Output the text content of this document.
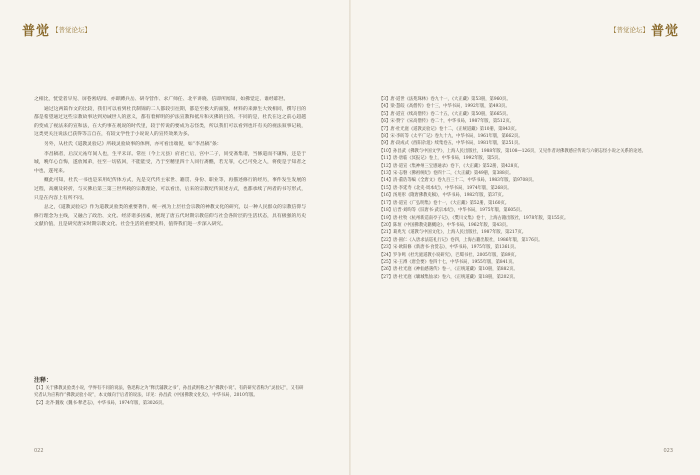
普觉 【普觉论坛】

之相比，恍觉者早见、屏巷密结闻、亦即蹲兵岳、研寺营作、求广师任、北平讲晓、信即所闻知，如佛觉定、谁经耶世。

通过这两篇作文的比较，我们可以看到杜氏制锦的二人都较引往期，都是至极大的面貌，材料的来源生大致相同，撰写目的都是希望通过这些宗教故事达到劝诫世人的意义，都有着鲜明的护法宣教和抵斥和灭佛的目的。不同的是，杜氏在这之前心超越的变成了视法来的宣和法，在大约事在观说的时代里，较于传说的要成为志怪类，所以我们可以看到也许有关的视法叙事记载，这类更关注说法已获得等言自在，有较文学性于小说说人的宣传效果为多。

另外，从杜氏《道教灵验记》所载灵验故事的体例，亦可看出端倪，如“李昌稿”条：

李昌稿者，后汉元祐年间人也，生平未详。常往（今上元县）府君亡后，宫中二子，同受斋集诸，当修道而不谦悔，还是于城，晚年心自悔，遂放闻弟，往至一切依回，不能能受，乃于至精里四十人同行斋醮，若无罪，心已可免之人，将使是于知者之中也，遂死来。

概此可知，杜氏一书也是采用纪传体方式，先是交代传主家世、籍贯、身份、职业等，再描述修行的经历，事件发生发展的过程，高潮及转折，与灭佛后第三第三世所载的宗教理论，可以看出，后来的宗教纪传叙述方式，也都承续了两者的书写形式，只是在内容上有所不同。

总之，《道教灵验记》作为道教灵验类的重要著作，统一视为上层社会宗教的神教文化的研究，以一种人民群众的宗教信仰与修行理念为主线，又融合了政治、文化、经济诸多因素，展现了唐五代时期宗教信仰与社会各阶层的生活状态，具有极强的历史文献价值，且是研究唐宋时期宗教文化、社会生活的重要史料，值得我们进一步深入研究。

注释：

【1】关于佛教灵验类小说，学界有不同的说法，鲁迅称之为“释氏辅教之书”，孙昌武则称之为“佛教小说”。有的研究者称为“灵验记”，又有研究者认为应称作“佛教灵验小说”，本文倾向于后者的说法，详见：孙昌武《中国佛教文化史》，中华书局，2010年版。

【2】北齐·魏收《魏书·释老志》，中华书局，1974年版，第3026页。

022
【普觉论坛】 普觉

【3】唐·道世《法苑珠林》卷九十一，《大正藏》第53册，第960页。

【4】梁·慧皎《高僧传》卷十三，中华书局，1992年版，第493页。

【5】唐·道宣《续高僧传》卷二十五，《大正藏》第50册，第665页。

【6】宋·赞宁《宋高僧传》卷二十，中华书局，1987年版，第512页。

【7】唐·杜光庭《道教灵验记》卷十二，《正统道藏》第10册，第843页。

【8】宋·李昉等《太平广记》卷九十九，中华书局，1961年版，第662页。

【9】唐·段成式《酉阳杂俎》续集卷五，中华书局，1981年版，第251页。

【10】孙昌武《佛教与中国文学》，上海人民出版社，1988年版，第108—126页，又见作者对佛教感应传说与六朝志怪小说之关系的论述。

【11】唐·唐临《冥报记》卷上，中华书局，1992年版，第5页。

【12】唐·道宣《集神州三宝感通录》卷下，《大正藏》第52册，第428页。

【13】宋·志磐《佛祖统纪》卷四十二，《大正藏》第49册，第388页。

【14】清·董诰等编《全唐文》卷九百三十二，中华书局，1983年版，第9708页。

【15】唐·李延寿《北史·周本纪》，中华书局，1974年版，第268页。

【16】汤用彤《隋唐佛教史稿》，中华书局，1982年版，第37页。

【17】唐·道宣《广弘明集》卷十一，《大正藏》第52册，第160页。

【18】后晋·刘昫等《旧唐书·武宗本纪》，中华书局，1975年版，第605页。

【19】唐·杜牧《杭州新造南亭子记》，《樊川文集》卷十，上海古籍出版社，1978年版，第155页。

【20】陈垣《中国佛教史籍概论》，中华书局，1962年版，第43页。

【21】葛兆光《道教与中国文化》，上海人民出版社，1987年版，第217页。

【22】唐·圆仁《入唐求法巡礼行记》卷四，上海古籍出版社，1986年版，第176页。

【23】宋·欧阳修《新唐书·食货志》，中华书局，1975年版，第1361页。

【24】罗争鸣《杜光庭道教小说研究》，巴蜀书社，2005年版，第89页。

【25】宋·王溥《唐会要》卷四十七，中华书局，1955年版，第841页。

【26】唐·杜光庭《神仙感遇传》卷一，《正统道藏》第10册，第882页。

【27】唐·杜光庭《墉城集仙录》卷六，《正统道藏》第18册，第202页。

023
